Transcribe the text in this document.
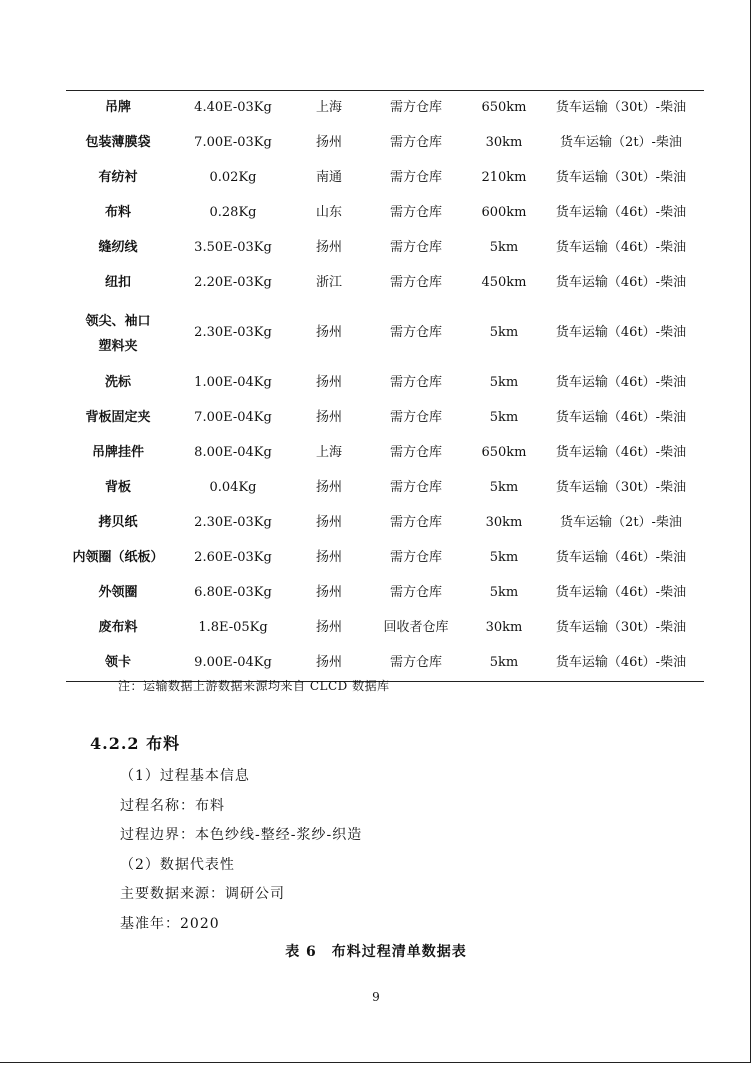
吊牌	4.40E-03Kg	上海	需方仓库	650km	货车运输（30t）-柴油
包装薄膜袋	7.00E-03Kg	扬州	需方仓库	30km	货车运输（2t）-柴油
有纺衬	0.02Kg	南通	需方仓库	210km	货车运输（30t）-柴油
布料	0.28Kg	山东	需方仓库	600km	货车运输（46t）-柴油
缝纫线	3.50E-03Kg	扬州	需方仓库	5km	货车运输（46t）-柴油
纽扣	2.20E-03Kg	浙江	需方仓库	450km	货车运输（46t）-柴油
领尖、袖口塑料夹	2.30E-03Kg	扬州	需方仓库	5km	货车运输（46t）-柴油
洗标	1.00E-04Kg	扬州	需方仓库	5km	货车运输（46t）-柴油
背板固定夹	7.00E-04Kg	扬州	需方仓库	5km	货车运输（46t）-柴油
吊牌挂件	8.00E-04Kg	上海	需方仓库	650km	货车运输（46t）-柴油
背板	0.04Kg	扬州	需方仓库	5km	货车运输（30t）-柴油
拷贝纸	2.30E-03Kg	扬州	需方仓库	30km	货车运输（2t）-柴油
内领圈（纸板）	2.60E-03Kg	扬州	需方仓库	5km	货车运输（46t）-柴油
外领圈	6.80E-03Kg	扬州	需方仓库	5km	货车运输（46t）-柴油
废布料	1.8E-05Kg	扬州	回收者仓库	30km	货车运输（30t）-柴油
领卡	9.00E-04Kg	扬州	需方仓库	5km	货车运输（46t）-柴油
注：运输数据上游数据来源均来自 CLCD 数据库
4.2.2 布料
（1）过程基本信息
过程名称：布料
过程边界：本色纱线-整经-浆纱-织造
（2）数据代表性
主要数据来源：调研公司
基准年：2020
表 6　布料过程清单数据表
9
